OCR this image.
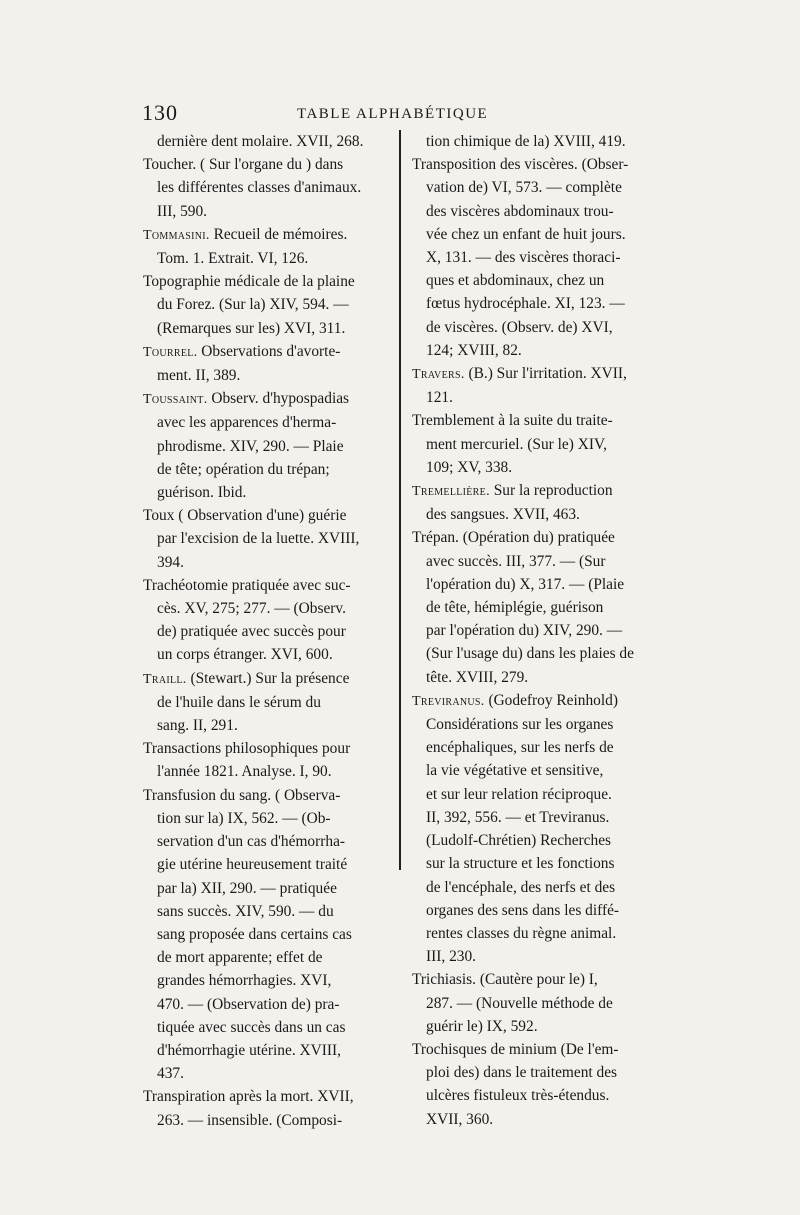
130	TABLE ALPHABÉTIQUE
dernière dent molaire. XVII, 268.
Toucher. ( Sur l'organe du ) dans
les différentes classes d'animaux.
III, 590.
Tommasini. Recueil de mémoires.
Tom. 1. Extrait. VI, 126.
Topographie médicale de la plaine
du Forez. (Sur la) XIV, 594. —
(Remarques sur les) XVI, 311.
Tourrel. Observations d'avorte-
ment. II, 389.
Toussaint. Observ. d'hypospadias
avec les apparences d'herma-
phrodisme. XIV, 290. — Plaie
de tête; opération du trépan;
guérison. Ibid.
Toux ( Observation d'une) guérie
par l'excision de la luette. XVIII,
394.
Trachéotomie pratiquée avec suc-
cès. XV, 275; 277. — (Observ.
de) pratiquée avec succès pour
un corps étranger. XVI, 600.
Traill. (Stewart.) Sur la présence
de l'huile dans le sérum du
sang. II, 291.
Transactions philosophiques pour
l'année 1821. Analyse. I, 90.
Transfusion du sang. ( Observa-
tion sur la) IX, 562. — (Ob-
servation d'un cas d'hémorrha-
gie utérine heureusement traité
par la) XII, 290. — pratiquée
sans succès. XIV, 590. — du
sang proposée dans certains cas
de mort apparente; effet de
grandes hémorrhagies. XVI,
470. — (Observation de) pra-
tiquée avec succès dans un cas
d'hémorrhagie utérine. XVIII,
437.
Transpiration après la mort. XVII,
263. — insensible. (Composi-
tion chimique de la) XVIII, 419.
Transposition des viscères. (Obser-
vation de) VI, 573. — complète
des viscères abdominaux trou-
vée chez un enfant de huit jours.
X, 131. — des viscères thoraci-
ques et abdominaux, chez un
fœtus hydrocéphale. XI, 123. —
de viscères. (Observ. de) XVI,
124; XVIII, 82.
Travers. (B.) Sur l'irritation. XVII,
121.
Tremblement à la suite du traite-
ment mercuriel. (Sur le) XIV,
109; XV, 338.
Tremellière. Sur la reproduction
des sangsues. XVII, 463.
Trépan. (Opération du) pratiquée
avec succès. III, 377. — (Sur
l'opération du) X, 317. — (Plaie
de tête, hémiplégie, guérison
par l'opération du) XIV, 290. —
(Sur l'usage du) dans les plaies de
tête. XVIII, 279.
Treviranus. (Godefroy Reinhold)
Considérations sur les organes
encéphaliques, sur les nerfs de
la vie végétative et sensitive,
et sur leur relation réciproque.
II, 392, 556. — et Treviranus.
(Ludolf-Chrétien) Recherches
sur la structure et les fonctions
de l'encéphale, des nerfs et des
organes des sens dans les diffé-
rentes classes du règne animal.
III, 230.
Trichiasis. (Cautère pour le) I,
287. — (Nouvelle méthode de
guérir le) IX, 592.
Trochisques de minium (De l'em-
ploi des) dans le traitement des
ulcères fistuleux très-étendus.
XVII, 360.
